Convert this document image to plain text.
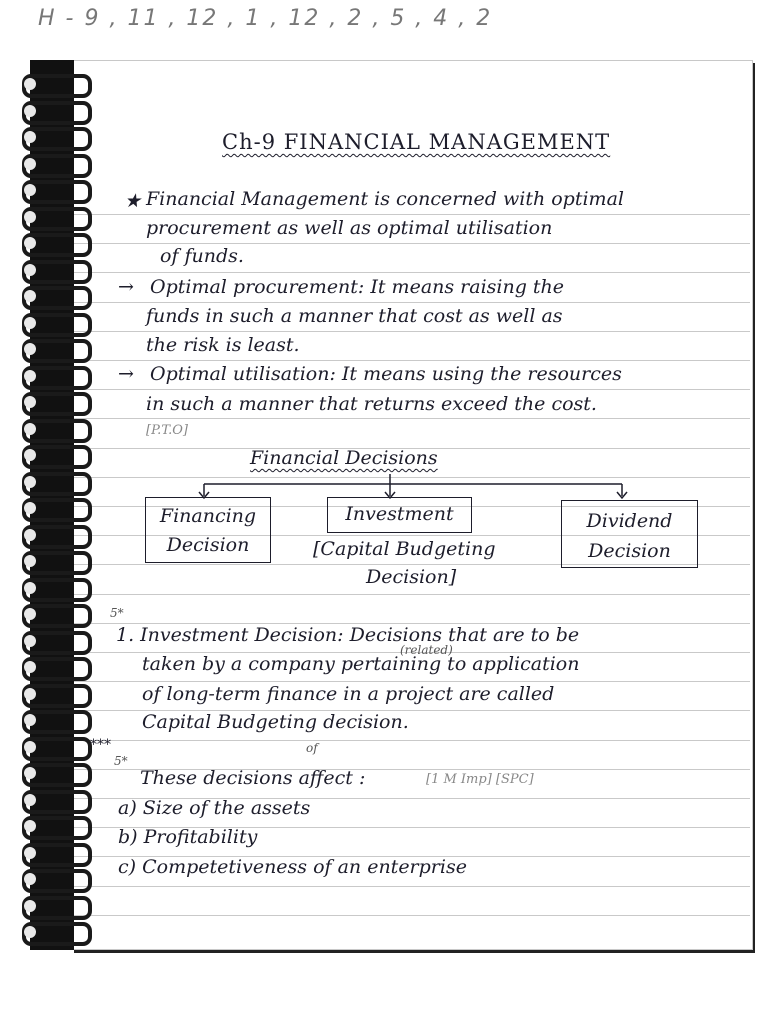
H - 9 , 11 , 12 , 1 , 12 , 2 , 5 , 4 , 2
Ch-9 FINANCIAL MANAGEMENT
★ Financial Management is concerned with optimal
procurement as well as optimal utilisation
of funds.
→ Optimal procurement: It means raising the
funds in such a manner that cost as well as
the risk is least.
→ Optimal utilisation: It means using the resources
in such a manner that returns exceed the cost.
[P.T.O]
Financial Decisions
Financing
Decision
Investment
[Capital Budgeting
Decision]
Dividend
Decision
5*
1. Investment Decision: Decisions that are to be
(related)
taken by a company pertaining to application
of long-term finance in a project are called
Capital Budgeting decision.
of
***
5*
These decisions affect :	[1 M Imp] [SPC]
a) Size of the assets
b) Profitability
c) Competetiveness of an enterprise
